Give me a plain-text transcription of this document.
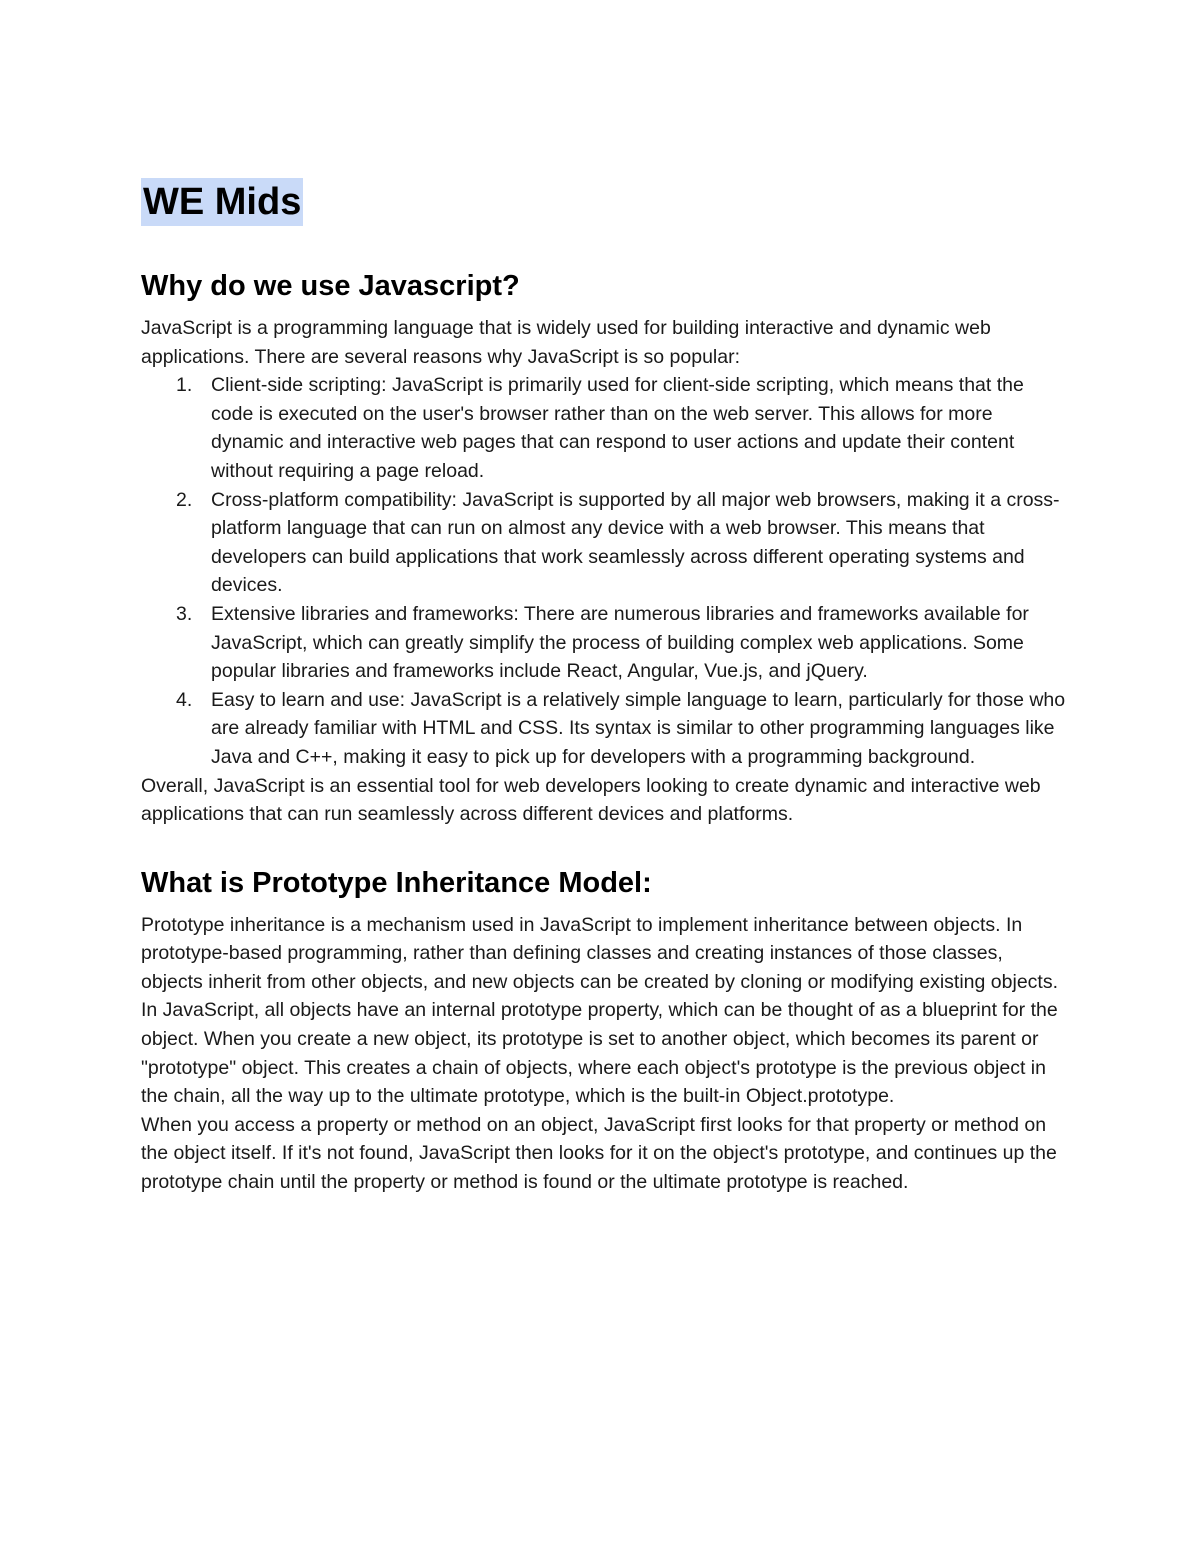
WE Mids
Why do we use Javascript?

JavaScript is a programming language that is widely used for building interactive and dynamic web applications. There are several reasons why JavaScript is so popular:

1. Client-side scripting: JavaScript is primarily used for client-side scripting, which means that the code is executed on the user's browser rather than on the web server. This allows for more dynamic and interactive web pages that can respond to user actions and update their content without requiring a page reload.
2. Cross-platform compatibility: JavaScript is supported by all major web browsers, making it a cross-platform language that can run on almost any device with a web browser. This means that developers can build applications that work seamlessly across different operating systems and devices.
3. Extensive libraries and frameworks: There are numerous libraries and frameworks available for JavaScript, which can greatly simplify the process of building complex web applications. Some popular libraries and frameworks include React, Angular, Vue.js, and jQuery.
4. Easy to learn and use: JavaScript is a relatively simple language to learn, particularly for those who are already familiar with HTML and CSS. Its syntax is similar to other programming languages like Java and C++, making it easy to pick up for developers with a programming background.

Overall, JavaScript is an essential tool for web developers looking to create dynamic and interactive web applications that can run seamlessly across different devices and platforms.

What is Prototype Inheritance Model:

Prototype inheritance is a mechanism used in JavaScript to implement inheritance between objects. In prototype-based programming, rather than defining classes and creating instances of those classes, objects inherit from other objects, and new objects can be created by cloning or modifying existing objects.

In JavaScript, all objects have an internal prototype property, which can be thought of as a blueprint for the object. When you create a new object, its prototype is set to another object, which becomes its parent or "prototype" object. This creates a chain of objects, where each object's prototype is the previous object in the chain, all the way up to the ultimate prototype, which is the built-in Object.prototype.

When you access a property or method on an object, JavaScript first looks for that property or method on the object itself. If it's not found, JavaScript then looks for it on the object's prototype, and continues up the prototype chain until the property or method is found or the ultimate prototype is reached.
